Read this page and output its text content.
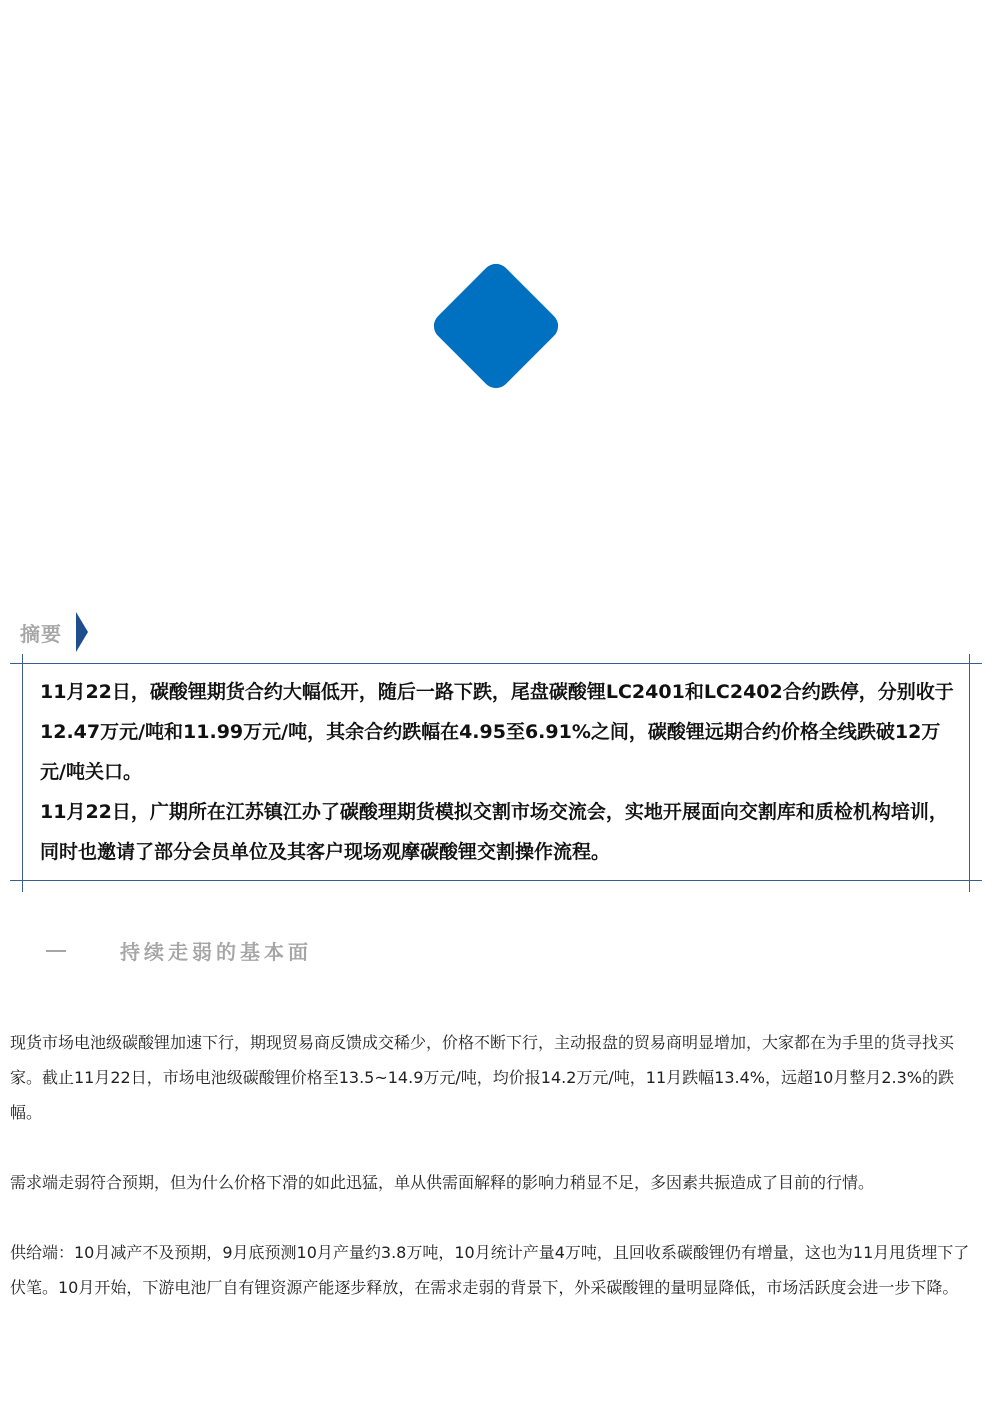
摘要

11月22日，碳酸锂期货合约大幅低开，随后一路下跌，尾盘碳酸锂LC2401和LC2402合约跌停，分别收于12.47万元/吨和11.99万元/吨，其余合约跌幅在4.95至6.91%之间，碳酸锂远期合约价格全线跌破12万元/吨关口。

11月22日，广期所在江苏镇江办了碳酸理期货模拟交割市场交流会，实地开展面向交割库和质检机构培训，同时也邀请了部分会员单位及其客户现场观摩碳酸锂交割操作流程。

持续走弱的基本面

现货市场电池级碳酸锂加速下行，期现贸易商反馈成交稀少，价格不断下行，主动报盘的贸易商明显增加，大家都在为手里的货寻找买家。截止11月22日，市场电池级碳酸锂价格至13.5~14.9万元/吨，均价报14.2万元/吨，11月跌幅13.4%，远超10月整月2.3%的跌幅。

需求端走弱符合预期，但为什么价格下滑的如此迅猛，单从供需面解释的影响力稍显不足，多因素共振造成了目前的行情。

供给端：10月减产不及预期，9月底预测10月产量约3.8万吨，10月统计产量4万吨，且回收系碳酸锂仍有增量，这也为11月甩货埋下了伏笔。10月开始，下游电池厂自有锂资源产能逐步释放，在需求走弱的背景下，外采碳酸锂的量明显降低，市场活跃度会进一步下降。
